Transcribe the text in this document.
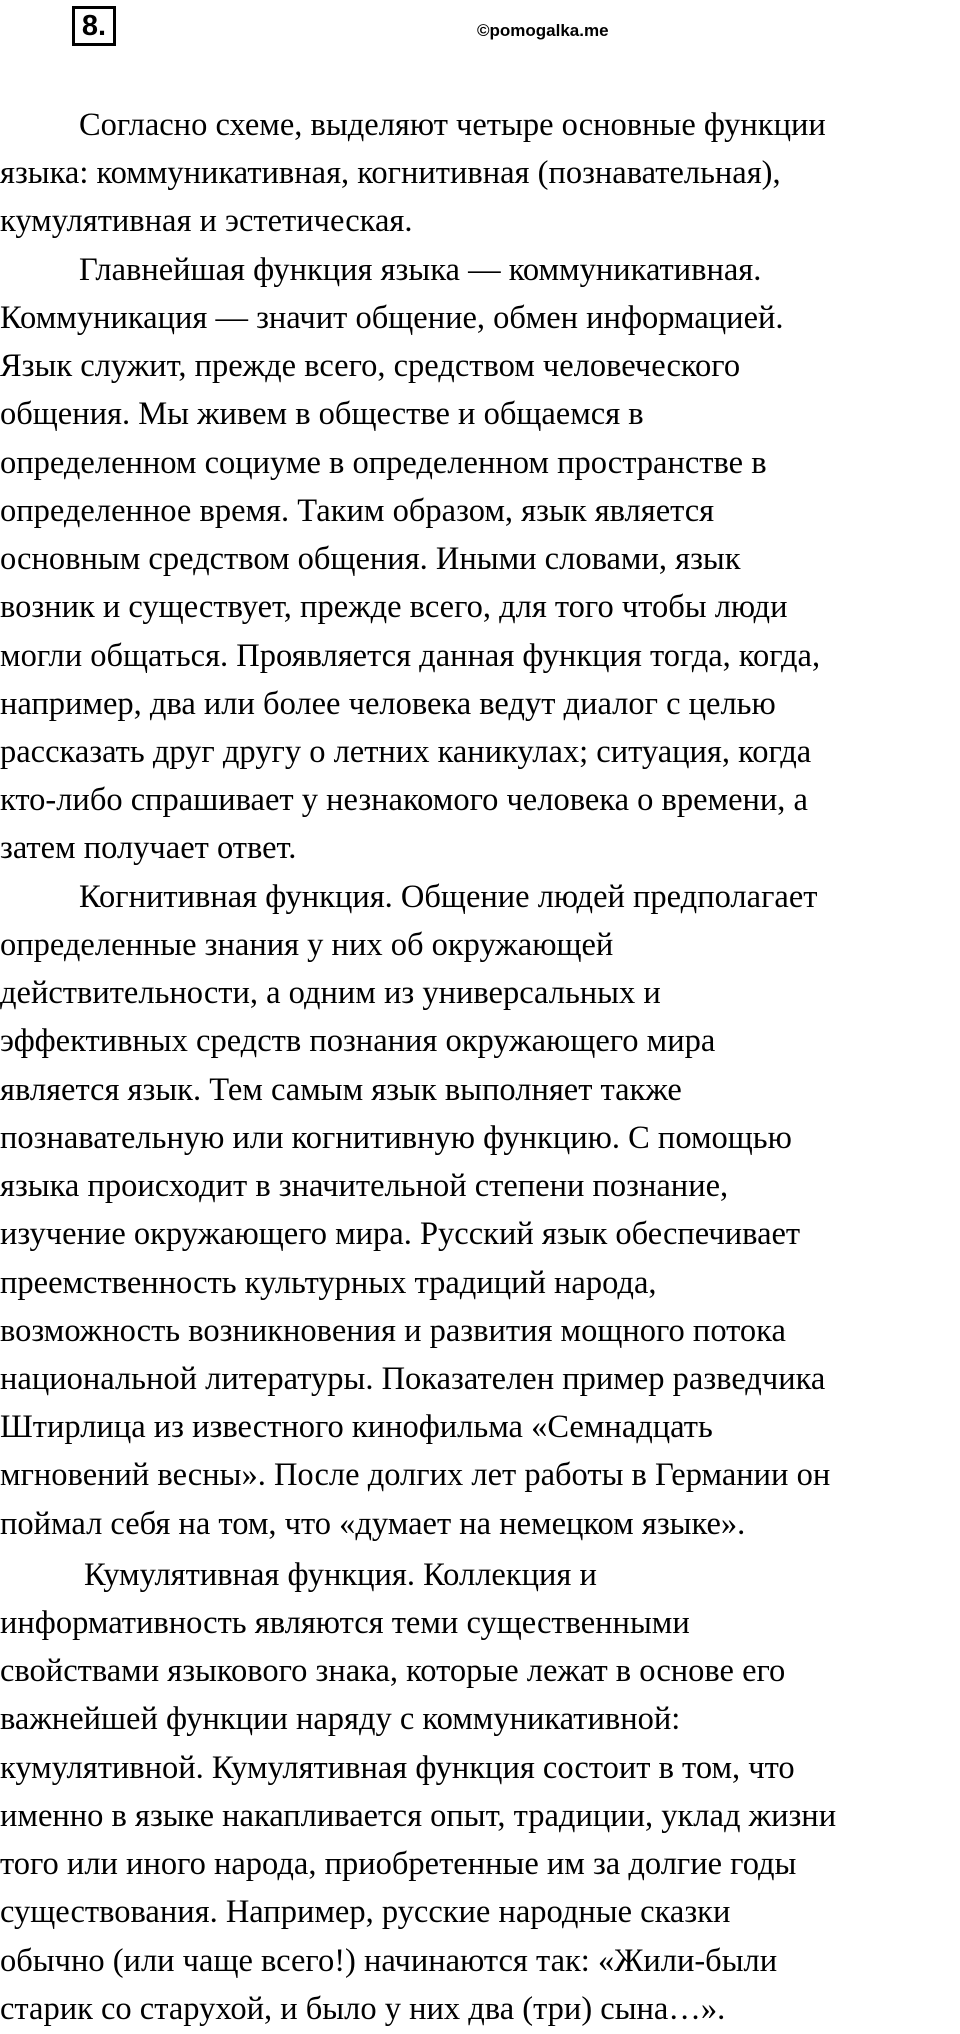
8.	©pomogalka.me
Согласно схеме, выделяют четыре основные функции
языка: коммуникативная, когнитивная (познавательная),
кумулятивная и эстетическая.
Главнейшая функция языка — коммуникативная.
Коммуникация — значит общение, обмен информацией.
Язык служит, прежде всего, средством человеческого
общения. Мы живем в обществе и общаемся в
определенном социуме в определенном пространстве в
определенное время. Таким образом, язык является
основным средством общения. Иными словами, язык
возник и существует, прежде всего, для того чтобы люди
могли общаться. Проявляется данная функция тогда, когда,
например, два или более человека ведут диалог с целью
рассказать друг другу о летних каникулах; ситуация, когда
кто-либо спрашивает у незнакомого человека о времени, а
затем получает ответ.
Когнитивная функция. Общение людей предполагает
определенные знания у них об окружающей
действительности, а одним из универсальных и
эффективных средств познания окружающего мира
является язык. Тем самым язык выполняет также
познавательную или когнитивную функцию. С помощью
языка происходит в значительной степени познание,
изучение окружающего мира. Русский язык обеспечивает
преемственность культурных традиций народа,
возможность возникновения и развития мощного потока
национальной литературы. Показателен пример разведчика
Штирлица из известного кинофильма «Семнадцать
мгновений весны». После долгих лет работы в Германии он
поймал себя на том, что «думает на немецком языке».
Кумулятивная функция. Коллекция и
информативность являются теми существенными
свойствами языкового знака, которые лежат в основе его
важнейшей функции наряду с коммуникативной:
кумулятивной. Кумулятивная функция состоит в том, что
именно в языке накапливается опыт, традиции, уклад жизни
того или иного народа, приобретенные им за долгие годы
существования. Например, русские народные сказки
обычно (или чаще всего!) начинаются так: «Жили-были
старик со старухой, и было у них два (три) сына…».
